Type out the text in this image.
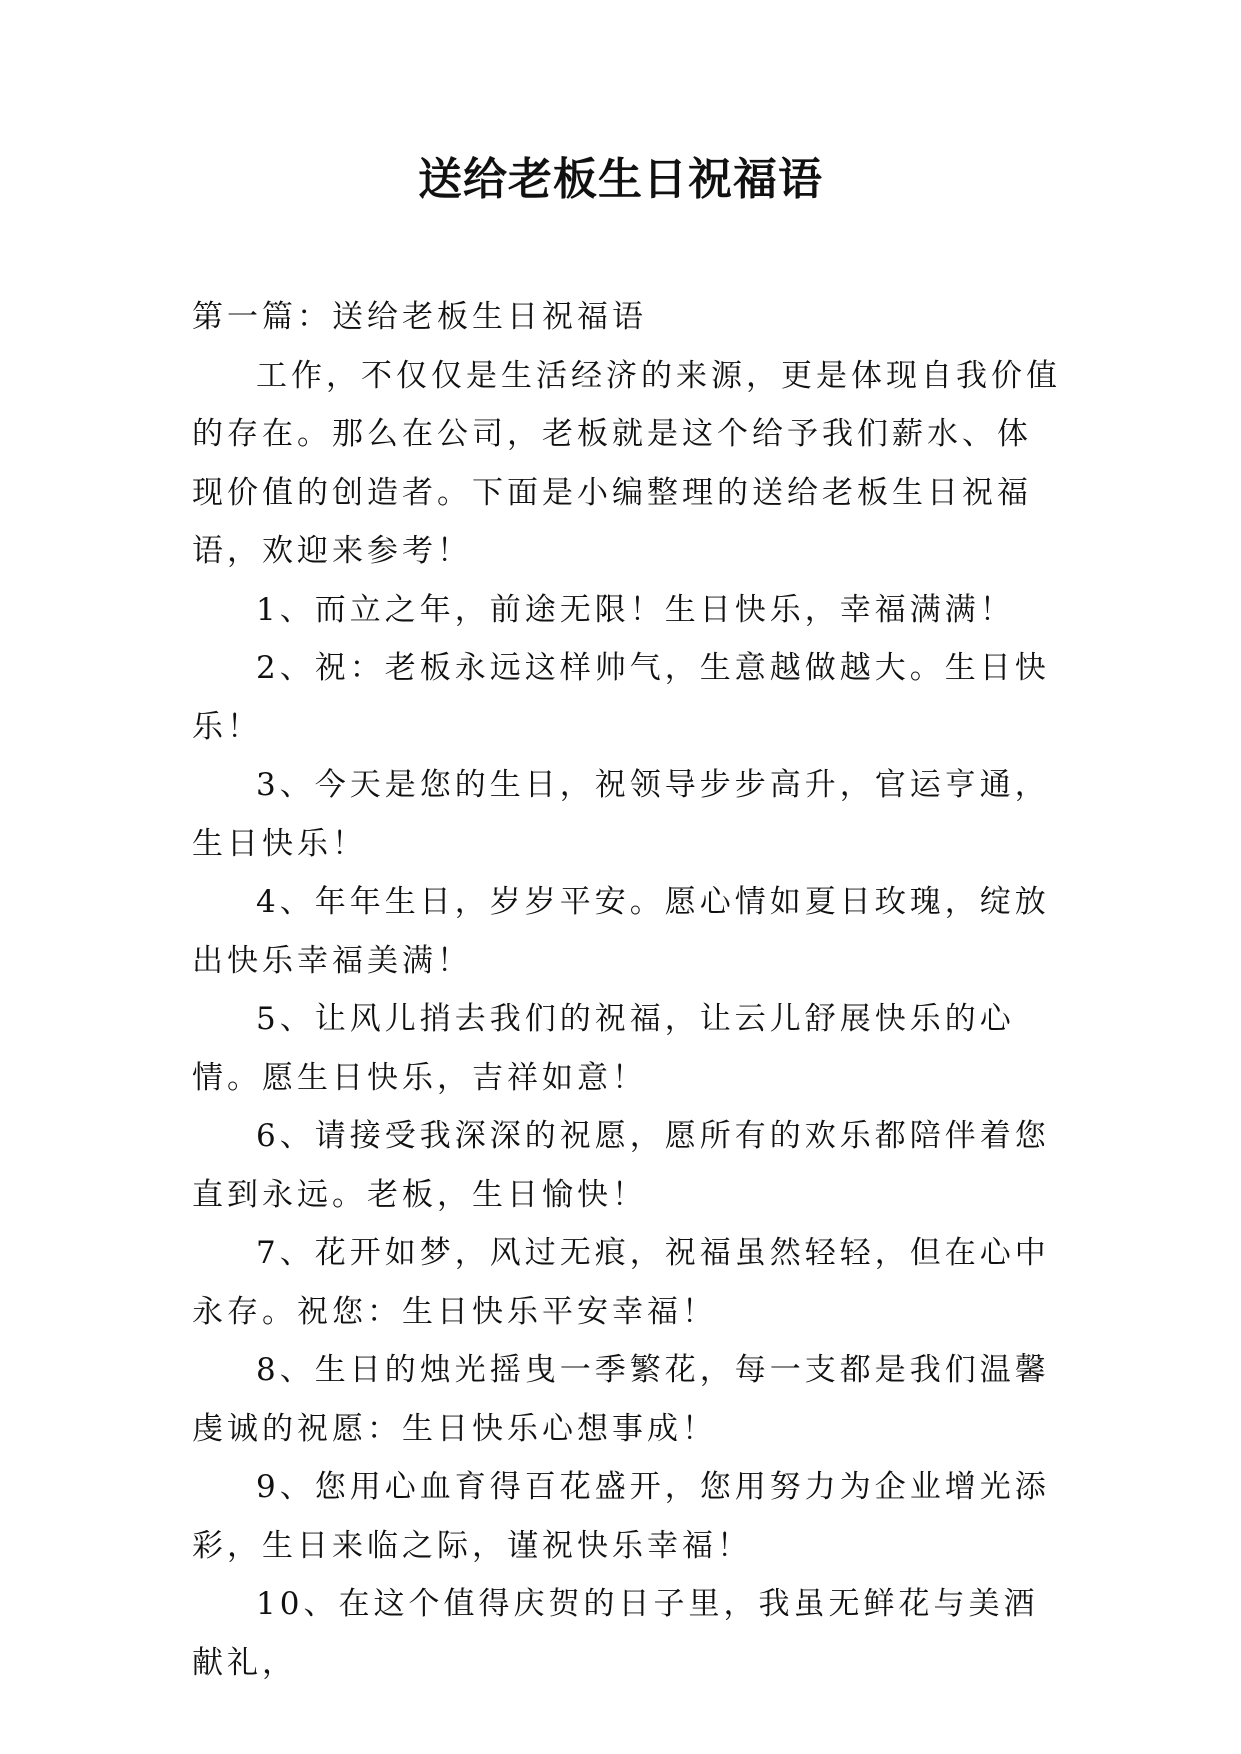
送给老板生日祝福语

第一篇：送给老板生日祝福语

工作，不仅仅是生活经济的来源，更是体现自我价值的存在。那么在公司，老板就是这个给予我们薪水、体现价值的创造者。下面是小编整理的送给老板生日祝福语，欢迎来参考！

1、而立之年，前途无限！生日快乐，幸福满满！

2、祝：老板永远这样帅气，生意越做越大。生日快乐！

3、今天是您的生日，祝领导步步高升，官运亨通，生日快乐！

4、年年生日，岁岁平安。愿心情如夏日玫瑰，绽放出快乐幸福美满！

5、让风儿捎去我们的祝福，让云儿舒展快乐的心情。愿生日快乐，吉祥如意！

6、请接受我深深的祝愿，愿所有的欢乐都陪伴着您直到永远。老板，生日愉快！

7、花开如梦，风过无痕，祝福虽然轻轻，但在心中永存。祝您：生日快乐平安幸福！

8、生日的烛光摇曳一季繁花，每一支都是我们温馨虔诚的祝愿：生日快乐心想事成！

9、您用心血育得百花盛开，您用努力为企业增光添彩，生日来临之际，谨祝快乐幸福！

10、在这个值得庆贺的日子里，我虽无鲜花与美酒献礼，
